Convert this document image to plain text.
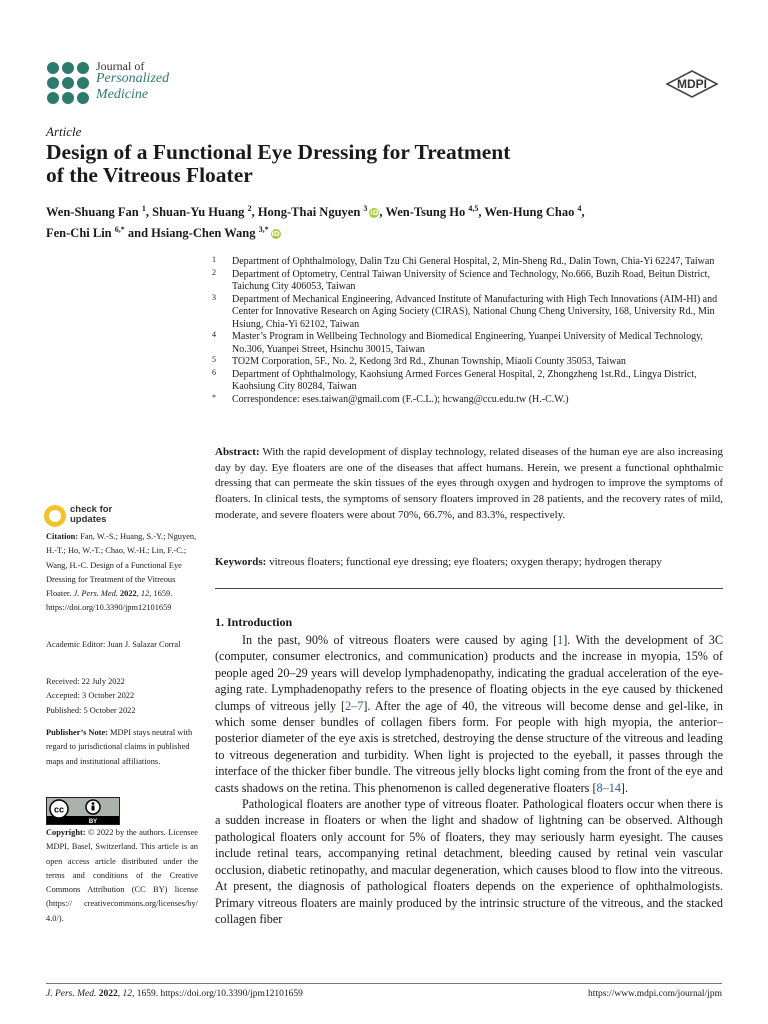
Journal of
Personalized
Medicine
MDPI
Article
Design of a Functional Eye Dressing for Treatment
of the Vitreous Floater
Wen-Shuang Fan $^1$, Shuan-Yu Huang $^2$, Hong-Thai Nguyen $^3$iD, Wen-Tsung Ho $^{4,5}$, Wen-Hung Chao $^4$,
Fen-Chi Lin $^{6,*}$ and Hsiang-Chen Wang $^{3,*}$iD

1 Department of Ophthalmology, Dalin Tzu Chi General Hospital, 2, Min-Sheng Rd., Dalin Town, Chia-Yi 62247, Taiwan

2 Department of Optometry, Central Taiwan University of Science and Technology, No.666, Buzih Road, Beitun District, Taichung City 406053, Taiwan

3 Department of Mechanical Engineering, Advanced Institute of Manufacturing with High Tech Innovations (AIM-HI) and Center for Innovative Research on Aging Society (CIRAS), National Chung Cheng University, 168, University Rd., Min Hsiung, Chia-Yi 62102, Taiwan

4 Master’s Program in Wellbeing Technology and Biomedical Engineering, Yuanpei University of Medical Technology, No.306, Yuanpei Street, Hsinchu 30015, Taiwan

5 TO2M Corporation, 5F., No. 2, Kedong 3rd Rd., Zhunan Township, Miaoli County 35053, Taiwan

6 Department of Ophthalmology, Kaohsiung Armed Forces General Hospital, 2, Zhongzheng 1st.Rd., Lingya District, Kaohsiung City 80284, Taiwan

* Correspondence: eses.taiwan@gmail.com (F.-C.L.); hcwang@ccu.edu.tw (H.-C.W.)

check for
updates
Citation: Fan, W.-S.; Huang, S.-Y.; Nguyen, H.-T.; Ho, W.-T.; Chao, W.-H.; Lin, F.-C.; Wang, H.-C. Design of a Functional Eye Dressing for Treatment of the Vitreous Floater. J. Pers. Med. 2022, 12, 1659. https://doi.org/10.3390/jpm12101659
Academic Editor: Juan J. Salazar Corral
Received: 22 July 2022
Accepted: 3 October 2022
Published: 5 October 2022
Publisher’s Note: MDPI stays neutral with regard to jurisdictional claims in published maps and institutional affiliations.
cc
BY
Copyright: © 2022 by the authors. Licensee MDPI, Basel, Switzerland. This article is an open access article distributed under the terms and conditions of the Creative Commons Attribution (CC BY) license (https:// creativecommons.org/licenses/by/ 4.0/).
Abstract: With the rapid development of display technology, related diseases of the human eye are also increasing day by day. Eye floaters are one of the diseases that affect humans. Herein, we present a functional ophthalmic dressing that can permeate the skin tissues of the eyes through oxygen and hydrogen to improve the symptoms of floaters. In clinical tests, the symptoms of sensory floaters improved in 28 patients, and the recovery rates of mild, moderate, and severe floaters were about 70%, 66.7%, and 83.3%, respectively.
Keywords: vitreous floaters; functional eye dressing; eye floaters; oxygen therapy; hydrogen therapy
1. Introduction

In the past, 90% of vitreous floaters were caused by aging [1]. With the development of 3C (computer, consumer electronics, and communication) products and the increase in myopia, 15% of people aged 20–29 years will develop lymphadenopathy, indicating the gradual acceleration of the eye-aging rate. Lymphadenopathy refers to the presence of floating objects in the eye caused by thickened clumps of vitreous jelly [2–7]. After the age of 40, the vitreous will become dense and gel-like, in which some denser bundles of collagen fibers form. For people with high myopia, the anterior–posterior diameter of the eye axis is stretched, destroying the dense structure of the vitreous and leading to vitreous degeneration and turbidity. When light is projected to the eyeball, it passes through the interface of the thicker fiber bundle. The vitreous jelly blocks light coming from the front of the eye and casts shadows on the retina. This phenomenon is called degenerative floaters [8–14].

Pathological floaters are another type of vitreous floater. Pathological floaters occur when there is a sudden increase in floaters or when the light and shadow of lightning can be observed. Although pathological floaters only account for 5% of floaters, they may seriously harm eyesight. The causes include retinal tears, accompanying retinal detachment, bleeding caused by retinal vein vascular occlusion, diabetic retinopathy, and macular degeneration, which causes blood to flow into the vitreous. At present, the diagnosis of pathological floaters depends on the experience of ophthalmologists. Primary vitreous floaters are mainly produced by the intrinsic structure of the vitreous, and the stacked collagen fiber

J. Pers. Med. 2022, 12, 1659. https://doi.org/10.3390/jpm12101659	https://www.mdpi.com/journal/jpm
